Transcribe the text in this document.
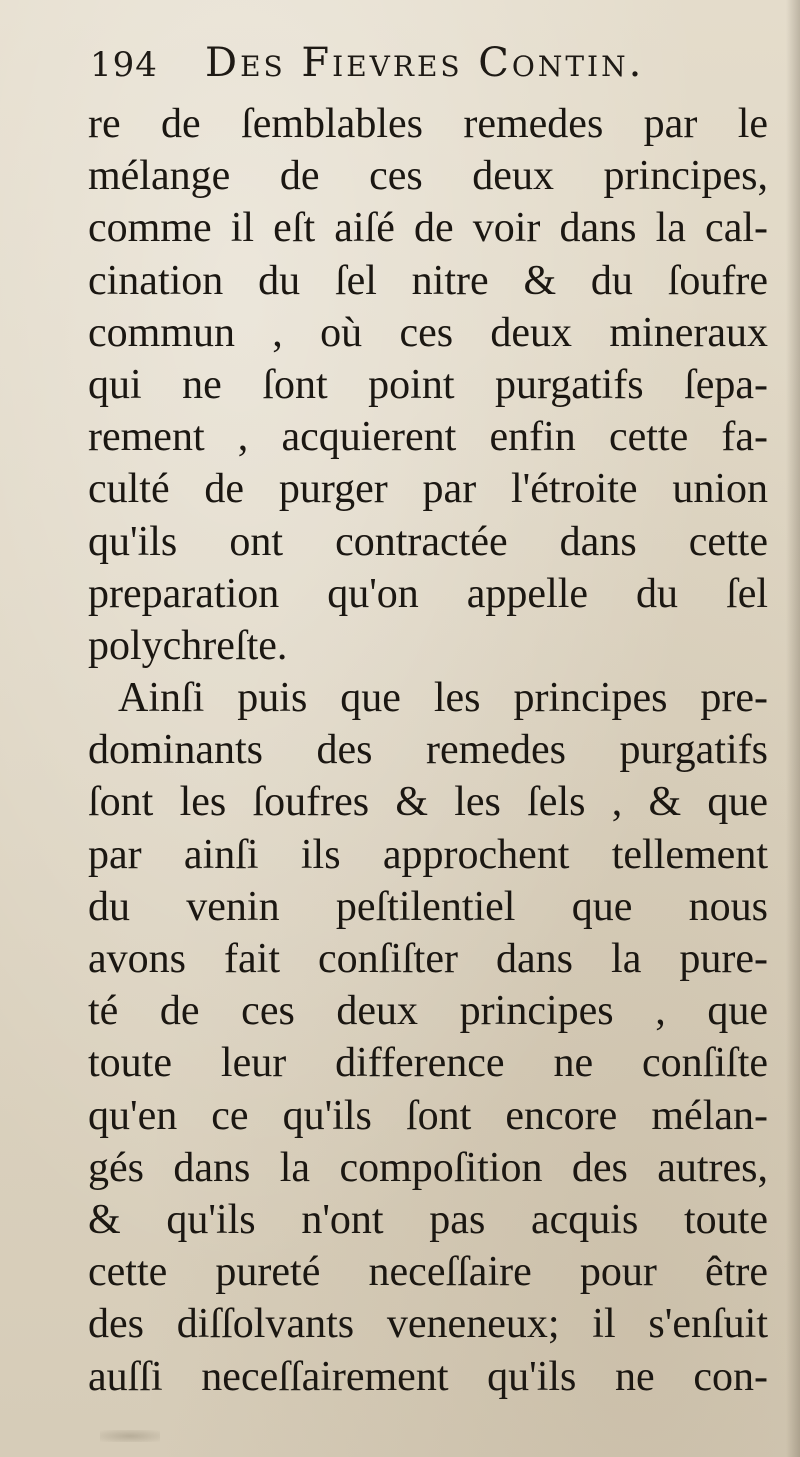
194	Des Fievres Contin.
re de ſemblables remedes par le
mélange de ces deux principes,
comme il eſt aiſé de voir dans la cal-
cination du ſel nitre & du ſoufre
commun , où ces deux mineraux
qui ne ſont point purgatifs ſepa-
rement , acquierent enfin cette fa-
culté de purger par l'étroite union
qu'ils ont contractée dans cette
preparation qu'on appelle du ſel
polychreſte.
Ainſi puis que les principes pre-
dominants des remedes purgatifs
ſont les ſoufres & les ſels , & que
par ainſi ils approchent tellement
du venin peſtilentiel que nous
avons fait conſiſter dans la pure-
té de ces deux principes , que
toute leur difference ne conſiſte
qu'en ce qu'ils ſont encore mélan-
gés dans la compoſition des autres,
& qu'ils n'ont pas acquis toute
cette pureté neceſſaire pour être
des diſſolvants veneneux; il s'enſuit
auſſi neceſſairement qu'ils ne con-
